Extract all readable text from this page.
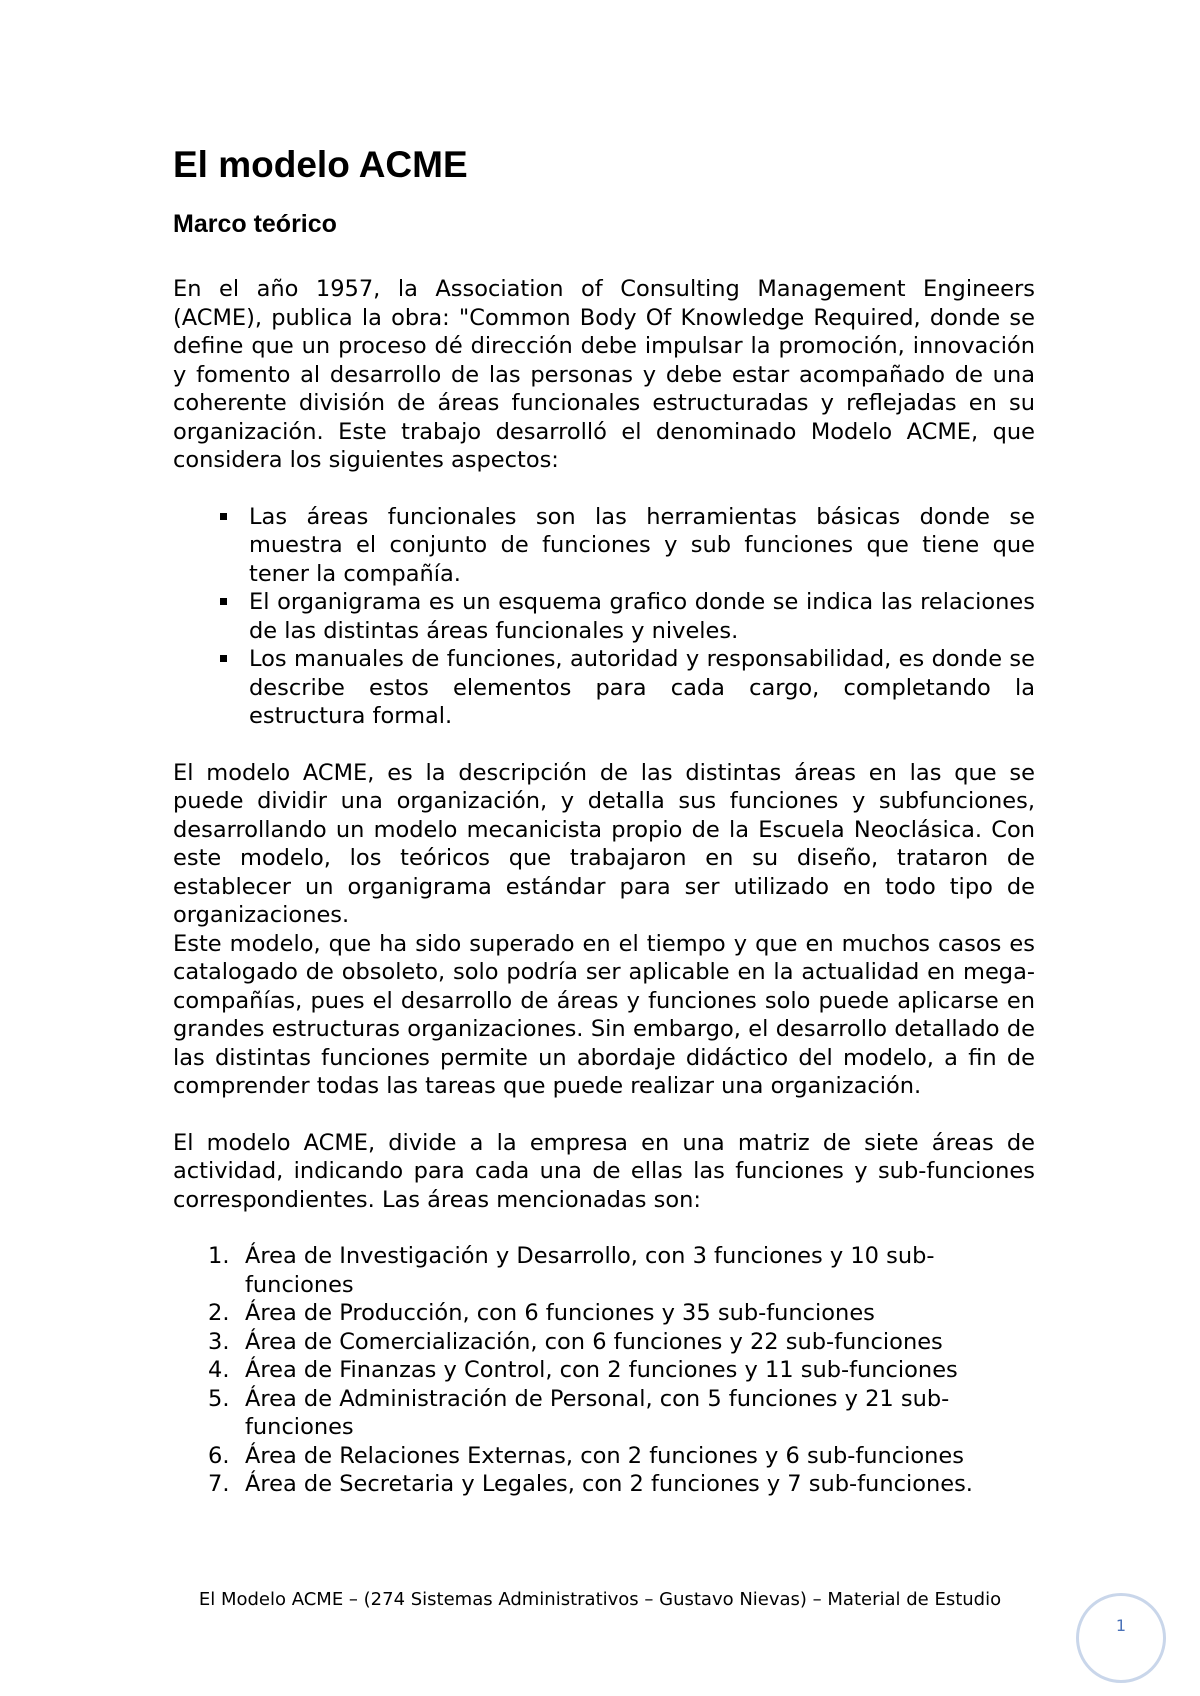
El modelo ACME
Marco teórico

En el año 1957, la Association of Consulting Management Engineers (ACME), publica la obra: "Common Body Of Knowledge Required, donde se define que un proceso dé dirección debe impulsar la promoción, innovación y fomento al desarrollo de las personas y debe estar acompañado de una coherente división de áreas funcionales estructuradas y reflejadas en su organización. Este trabajo desarrolló el denominado Modelo ACME, que considera los siguientes aspectos:

Las áreas funcionales son las herramientas básicas donde se muestra el conjunto de funciones y sub funciones que tiene que tener la compañía.
El organigrama es un esquema grafico donde se indica las relaciones de las distintas áreas funcionales y niveles.
Los manuales de funciones, autoridad y responsabilidad, es donde se describe estos elementos para cada cargo, completando la estructura formal.

El modelo ACME, es la descripción de las distintas áreas en las que se puede dividir una organización, y detalla sus funciones y subfunciones, desarrollando un modelo mecanicista propio de la Escuela Neoclásica. Con este modelo, los teóricos que trabajaron en su diseño, trataron de establecer un organigrama estándar para ser utilizado en todo tipo de organizaciones.

Este modelo, que ha sido superado en el tiempo y que en muchos casos es catalogado de obsoleto, solo podría ser aplicable en la actualidad en mega- compañías, pues el desarrollo de áreas y funciones solo puede aplicarse en grandes estructuras organizaciones. Sin embargo, el desarrollo detallado de las distintas funciones permite un abordaje didáctico del modelo, a fin de comprender todas las tareas que puede realizar una organización.

El modelo ACME, divide a la empresa en una matriz de siete áreas de actividad, indicando para cada una de ellas las funciones y sub-funciones correspondientes. Las áreas mencionadas son:

1. Área de Investigación y Desarrollo, con 3 funciones y 10 sub-funciones
2. Área de Producción, con 6 funciones y 35 sub-funciones
3. Área de Comercialización, con 6 funciones y 22 sub-funciones
4. Área de Finanzas y Control, con 2 funciones y 11 sub-funciones
5. Área de Administración de Personal, con 5 funciones y 21 sub-funciones
6. Área de Relaciones Externas, con 2 funciones y 6 sub-funciones
7. Área de Secretaria y Legales, con 2 funciones y 7 sub-funciones.
El Modelo ACME – (274 Sistemas Administrativos – Gustavo Nievas) – Material de Estudio
1
